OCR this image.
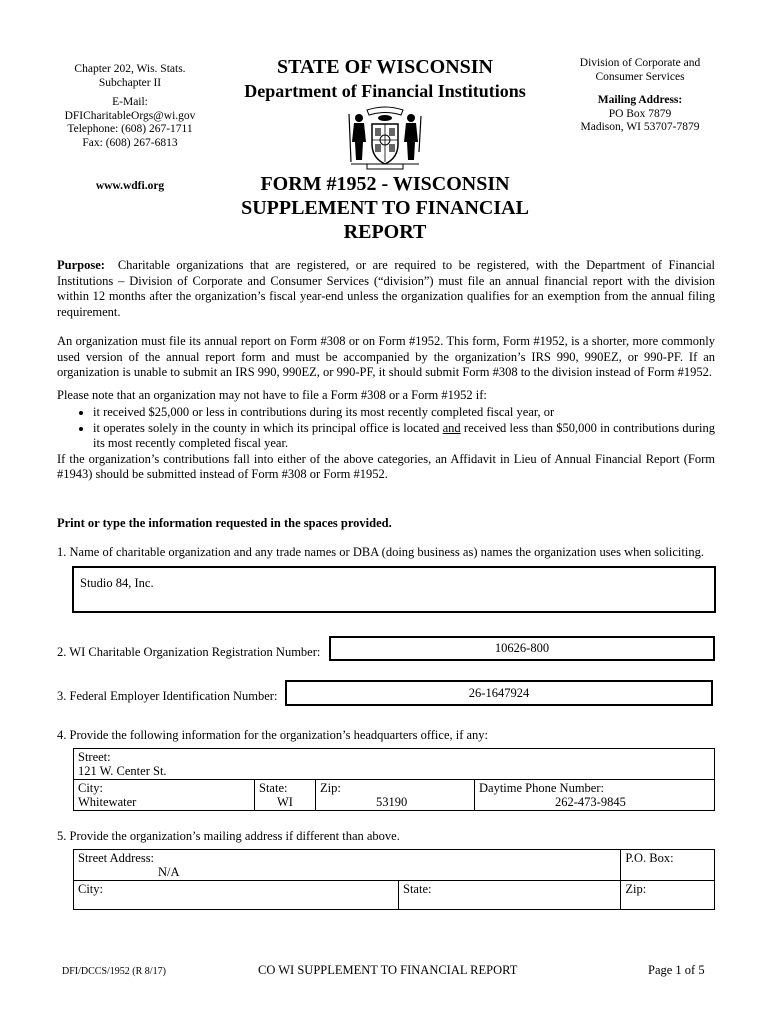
Chapter 202, Wis. Stats.
Subchapter II
E-Mail:
DFICharitableOrgs@wi.gov
Telephone: (608) 267-1711
Fax: (608) 267-6813
www.wdfi.org
STATE OF WISCONSIN
Department of Financial Institutions
FORM #1952 - WISCONSIN
SUPPLEMENT TO FINANCIAL
REPORT
Division of Corporate and
Consumer Services
Mailing Address:
PO Box 7879
Madison, WI 53707-7879
Purpose: Charitable organizations that are registered, or are required to be registered, with the Department of Financial Institutions – Division of Corporate and Consumer Services (“division”) must file an annual financial report with the division within 12 months after the organization’s fiscal year-end unless the organization qualifies for an exemption from the annual filing requirement.
An organization must file its annual report on Form #308 or on Form #1952. This form, Form #1952, is a shorter, more commonly used version of the annual report form and must be accompanied by the organization’s IRS 990, 990EZ, or 990-PF. If an organization is unable to submit an IRS 990, 990EZ, or 990-PF, it should submit Form #308 to the division instead of Form #1952.
Please note that an organization may not have to file a Form #308 or a Form #1952 if:
• it received $25,000 or less in contributions during its most recently completed fiscal year, or
• it operates solely in the county in which its principal office is located and received less than $50,000 in contributions during its most recently completed fiscal year.
If the organization’s contributions fall into either of the above categories, an Affidavit in Lieu of Annual Financial Report (Form #1943) should be submitted instead of Form #308 or Form #1952.
Print or type the information requested in the spaces provided.
1. Name of charitable organization and any trade names or DBA (doing business as) names the organization uses when soliciting.
Studio 84, Inc.
2. WI Charitable Organization Registration Number:	10626-800
3. Federal Employer Identification Number:	26-1647924
4. Provide the following information for the organization’s headquarters office, if any:
Street:
121 W. Center St.

City:
Whitewater

State:
WI

Zip:
53190

Daytime Phone Number:
262-473-9845
5. Provide the organization’s mailing address if different than above.
Street Address:
N/A		P.O. Box:

City:	State:	Zip:
DFI/DCCS/1952 (R 8/17)	CO WI SUPPLEMENT TO FINANCIAL REPORT	Page 1 of 5
